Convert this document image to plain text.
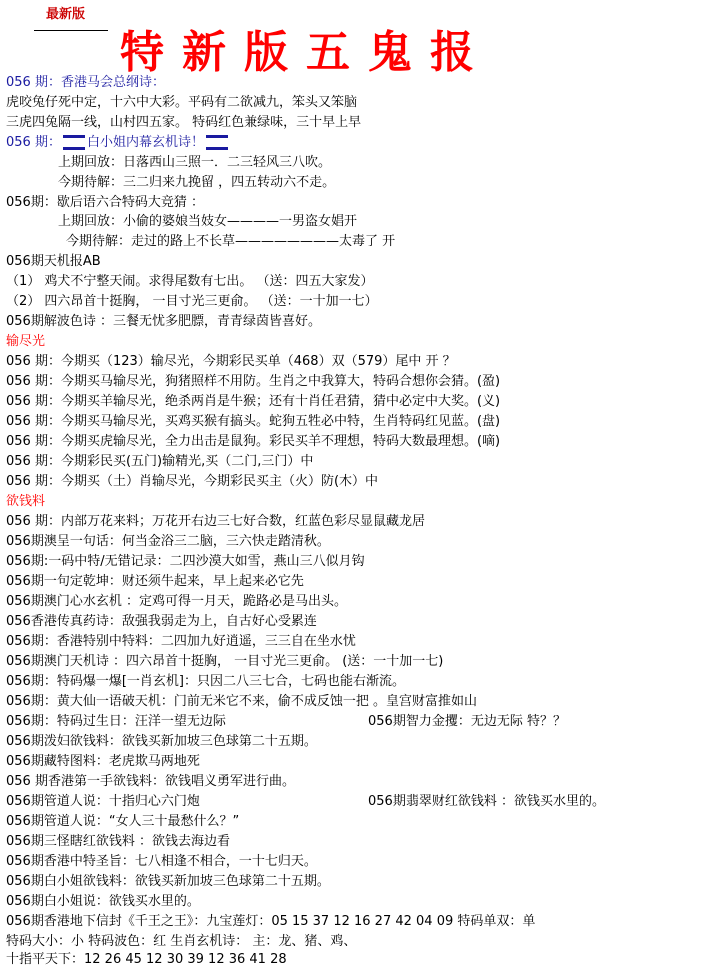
最新版
特新版五鬼报
056 期：香港马会总纲诗：
虎咬兔仔死中定，十六中大彩。平码有二欲减九，笨头又笨脑
三虎四兔隔一线，山村四五家。 特码红色兼绿味，三十早上早
056 期： 白小姐内幕玄机诗！
上期回放：日落西山三照一．二三轻风三八吹。
今期待解：三二归来九挽留 ，四五转动六不走。
056期：歇后语六合特码大竞猜 ：
上期回放：小偷的婆娘当妓女————一男盗女娼开
今期待解：走过的路上不长草————————太毒了 开
056期天机报AB
（1） 鸡犬不宁整天闹。求得尾数有七出。 （送：四五大家发）
（2） 四六昂首十挺胸， 一目寸光三更俞。 （送：一十加一七）
056期解波色诗 ：三餐无忧多肥膘，青青绿茵皆喜好。
输尽光
056 期：今期买（123）输尽光，今期彩民买单（468）双（579）尾中 开 ？
056 期：今期买马输尽光，狗猪照样不用防。生肖之中我算大，特码合想你会猜。(盈)
056 期：今期买羊输尽光，绝杀两肖是牛猴；还有十肖任君猜，猜中必定中大奖。(义)
056 期：今期买马输尽光，买鸡买猴有搞头。蛇狗五牲必中特，生肖特码红见蓝。(盘)
056 期：今期买虎输尽光，全力出击是鼠狗。彩民买羊不理想，特码大数最理想。(嘀)
056 期：今期彩民买(五门)输精光,买（二门,三门）中
056 期：今期买（土）肖输尽光，今期彩民买主（火）防(木）中
欲钱料
056 期：内部万花来料；万花开右边三七好合数，红蓝色彩尽显鼠藏龙居
056期澳呈一句话：何当金浴三二脑，三六快走踏清秋。
056期:一码中特/无错记录：二四沙漠大如雪，燕山三八似月钩
056期一句定乾坤：财还须牛起来，早上起来必它先
056期澳门心水玄机 ：定鸡可得一月天，跪路必是马出头。
056香港传真药诗：敌强我弱走为上，自古好心受累连
056期：香港特别中特料：二四加九好逍遥，三三自在坐水忧
056期澳门天机诗 ：四六昂首十挺胸， 一目寸光三更俞。 (送：一十加一七)
056期：特码爆一爆[一肖玄机]：只因二八三七合，七码也能右渐流。
056期：黄大仙一语破天机：门前无米它不来，偷不成反蚀一把 。皇宫财富推如山
056期：特码过生日：汪洋一望无边际	056期智力金攫：无边无际 特？？
056期泼妇欲钱料：欲钱买新加坡三色球第二十五期。
056期藏特图料：老虎欺马两地死
056 期香港第一手欲钱料：欲钱唱义勇军进行曲。
056期管道人说：十指归心六门炮	056期翡翠财红欲钱料 ：欲钱买水里的。
056期管道人说：“女人三十最愁什么？”
056期三怪瞎红欲钱料 ：欲钱去海边看
056期香港中特圣旨：七八相逢不相合，一十七归天。
056期白小姐欲钱料：欲钱买新加坡三色球第二十五期。
056期白小姐说：欲钱买水里的。
056期香港地下信封《千王之王》：九宝莲灯：05 15 37 12 16 27 42 04 09 特码单双：单
特码大小：小 特码波色：红 生肖玄机诗： 主：龙、猪、鸡、
十指平天下：12 26 45 12 30 39 12 36 41 28
